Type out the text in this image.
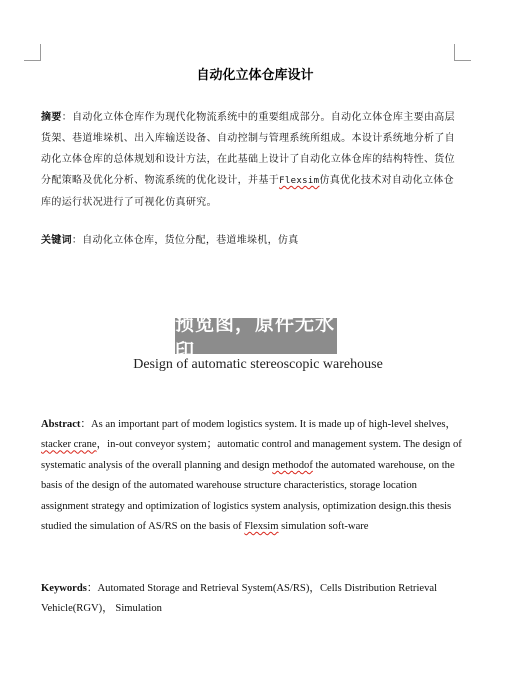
自动化立体仓库设计
摘要：自动化立体仓库作为现代化物流系统中的重要组成部分。自动化立体仓库主要由高层货架、巷道堆垛机、出入库输送设备、自动控制与管理系统所组成。本设计系统地分析了自动化立体仓库的总体规划和设计方法，在此基础上设计了自动化立体仓库的结构特性、货位分配策略及优化分析、物流系统的优化设计，并基于Flexsim仿真优化技术对自动化立体仓库的运行状况进行了可视化仿真研究。
关键词：自动化立体仓库，货位分配，巷道堆垛机，仿真
预览图，原件无水印
Design of automatic stereoscopic warehouse
Abstract：As an important part of modem logistics system. It is made up of high-level shelves，stacker crane，in-out conveyor system；automatic control and management system. The design of systematic analysis of the overall planning and design methodof the automated warehouse, on the basis of the design of the automated warehouse structure characteristics, storage location assignment strategy and optimization of logistics system analysis, optimization design.this thesis studied the simulation of AS/RS on the basis of Flexsim simulation soft-ware
Keywords：Automated Storage and Retrieval System(AS/RS)，Cells Distribution Retrieval Vehicle(RGV)， Simulation
